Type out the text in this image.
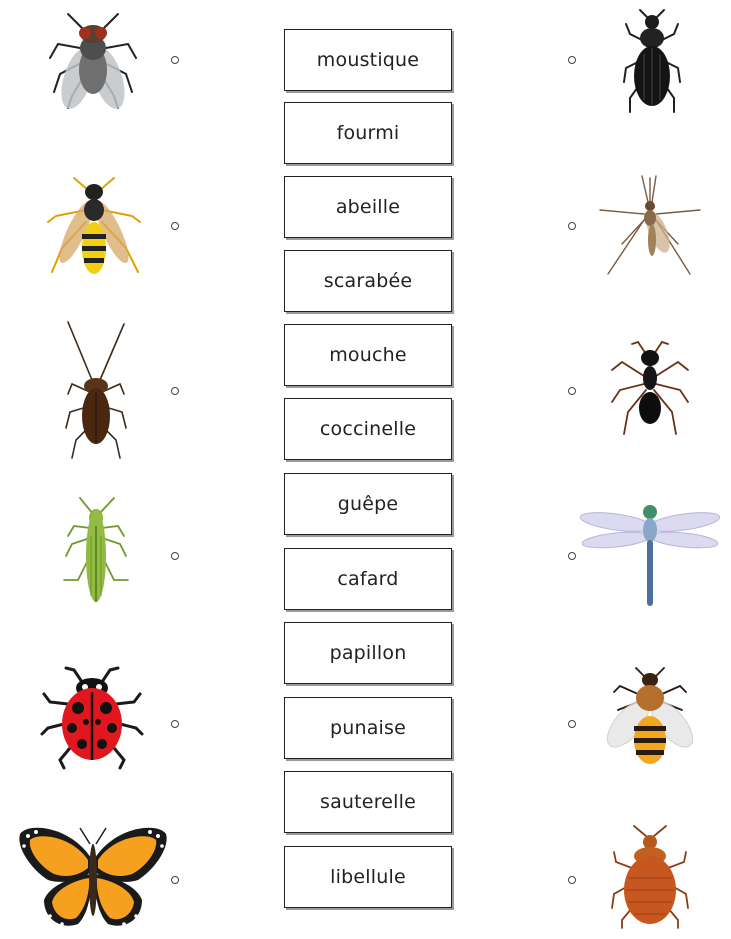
moustique
fourmi
abeille
scarabée
mouche
coccinelle
guêpe
cafard
papillon
punaise
sauterelle
libellule
